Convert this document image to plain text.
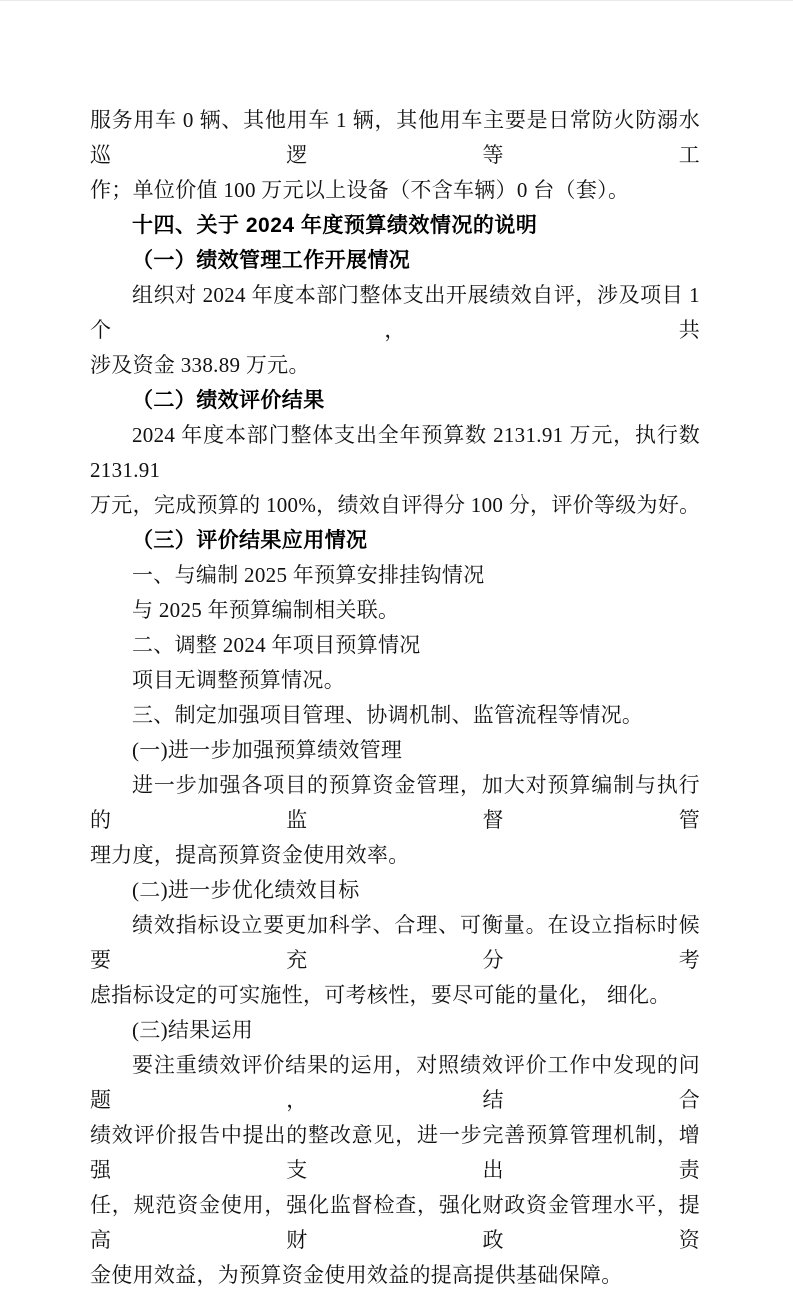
服务用车 0 辆、其他用车 1 辆，其他用车主要是日常防火防溺水巡逻等工

作；单位价值 100 万元以上设备（不含车辆）0 台（套）。

十四、关于 2024 年度预算绩效情况的说明

（一）绩效管理工作开展情况

组织对 2024 年度本部门整体支出开展绩效自评，涉及项目 1 个，共

涉及资金 338.89 万元。

（二）绩效评价结果

2024 年度本部门整体支出全年预算数 2131.91 万元，执行数 2131.91

万元，完成预算的 100%，绩效自评得分 100 分，评价等级为好。

（三）评价结果应用情况

一、与编制 2025 年预算安排挂钩情况

与 2025 年预算编制相关联。

二、调整 2024 年项目预算情况

项目无调整预算情况。

三、制定加强项目管理、协调机制、监管流程等情况。

(一)进一步加强预算绩效管理

进一步加强各项目的预算资金管理，加大对预算编制与执行的监督管

理力度，提高预算资金使用效率。

(二)进一步优化绩效目标

绩效指标设立要更加科学、合理、可衡量。在设立指标时候要充分考

虑指标设定的可实施性，可考核性，要尽可能的量化， 细化。

(三)结果运用

要注重绩效评价结果的运用，对照绩效评价工作中发现的问题，结合

绩效评价报告中提出的整改意见，进一步完善预算管理机制，增强支出责

任，规范资金使用，强化监督检查，强化财政资金管理水平，提高财政资

金使用效益，为预算资金使用效益的提高提供基础保障。
